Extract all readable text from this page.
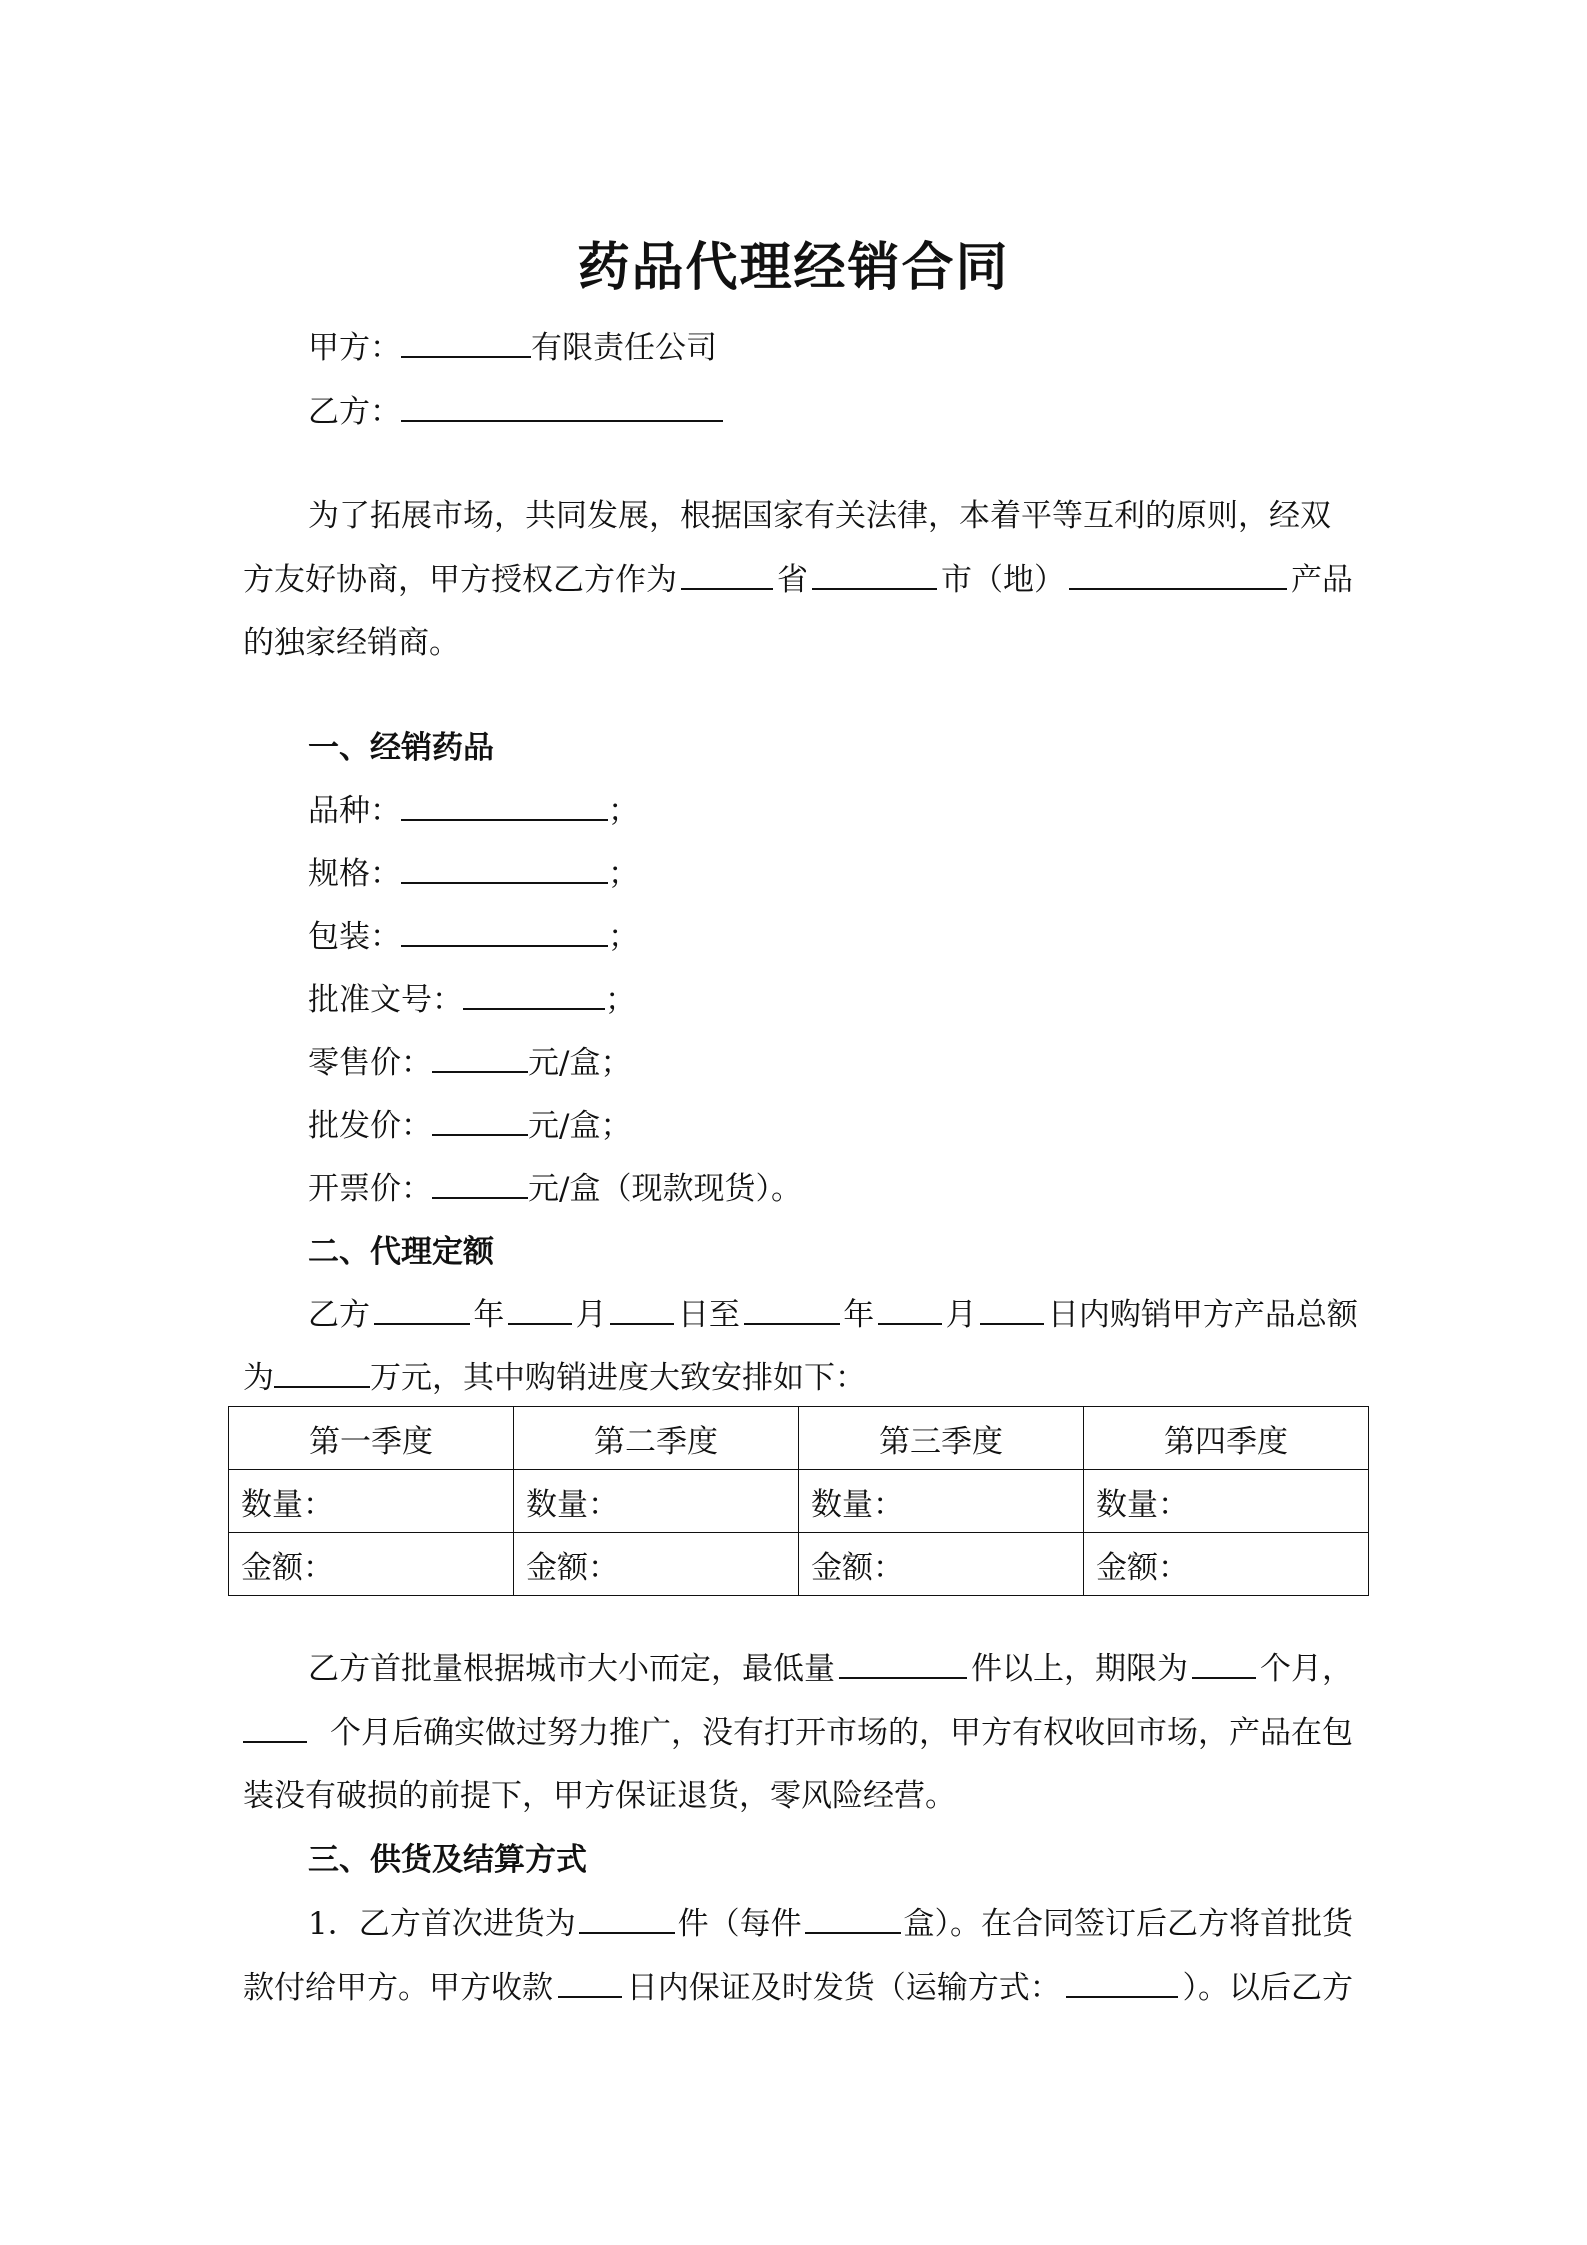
药品代理经销合同
甲方：	有限责任公司
乙方：
为了拓展市场，共同发展，根据国家有关法律，本着平等互利的原则，经双
方友好协商，甲方授权乙方作为	省	市（地）	产品
的独家经销商。
一、经销药品
品种：	；
规格：	；
包装：	；
批准文号：	；
零售价：	元/盒；
批发价：	元/盒；
开票价：	元/盒（现款现货）。
二、代理定额
乙方	年 月 日至	年 月 日内购销甲方产品总额
为	万元，其中购销进度大致安排如下：
第一季度	第二季度	第三季度	第四季度
数量：	数量：	数量：	数量：
金额：	金额：	金额：	金额：
乙方首批量根据城市大小而定，最低量	件以上，期限为 个月，
个月后确实做过努力推广，没有打开市场的，甲方有权收回市场，产品在包
装没有破损的前提下，甲方保证退货，零风险经营。
三、供货及结算方式
1．乙方首次进货为	件（每件	盒）。在合同签订后乙方将首批货
款付给甲方。甲方收款 日内保证及时发货（运输方式：	）。以后乙方
